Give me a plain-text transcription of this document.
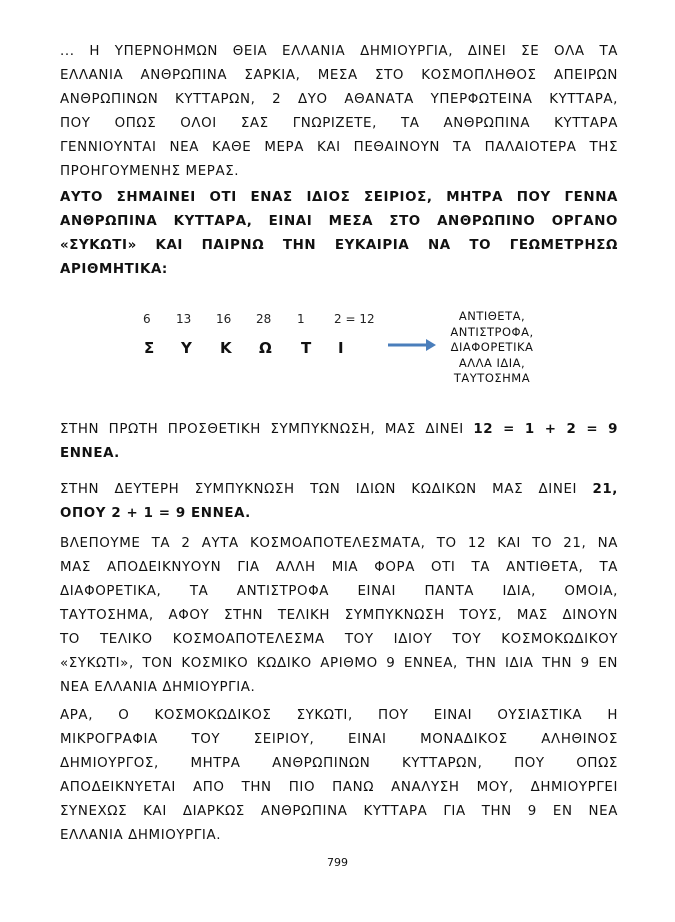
... Η ΥΠΕΡΝΟΗΜΩΝ ΘΕΙΑ ΕΛΛΑΝΙΑ ΔΗΜΙΟΥΡΓΙΑ, ΔΙΝΕΙ ΣΕ ΟΛΑ ΤΑ
ΕΛΛΑΝΙΑ ΑΝΘΡΩΠΙΝΑ ΣΑΡΚΙΑ, ΜΕΣΑ ΣΤΟ ΚΟΣΜΟΠΛΗΘΟΣ ΑΠΕΙΡΩΝ
ΑΝΘΡΩΠΙΝΩΝ ΚΥΤΤΑΡΩΝ, 2 ΔΥΟ ΑΘΑΝΑΤΑ ΥΠΕΡΦΩΤΕΙΝΑ ΚΥΤΤΑΡΑ,
ΠΟΥ ΟΠΩΣ ΟΛΟΙ ΣΑΣ ΓΝΩΡΙΖΕΤΕ, ΤΑ ΑΝΘΡΩΠΙΝΑ ΚΥΤΤΑΡΑ
ΓΕΝΝΙΟΥΝΤΑΙ ΝΕΑ ΚΑΘΕ ΜΕΡΑ ΚΑΙ ΠΕΘΑΙΝΟΥΝ ΤΑ ΠΑΛΑΙΟΤΕΡΑ ΤΗΣ
ΠΡΟΗΓΟΥΜΕΝΗΣ ΜΕΡΑΣ.
ΑΥΤΟ ΣΗΜΑΙΝΕΙ ΟΤΙ ΕΝΑΣ ΙΔΙΟΣ ΣΕΙΡΙΟΣ, ΜΗΤΡΑ ΠΟΥ ΓΕΝΝΑ
ΑΝΘΡΩΠΙΝΑ ΚΥΤΤΑΡΑ, ΕΙΝΑΙ ΜΕΣΑ ΣΤΟ ΑΝΘΡΩΠΙΝΟ ΟΡΓΑΝΟ
«ΣΥΚΩΤΙ» ΚΑΙ ΠΑΙΡΝΩ ΤΗΝ ΕΥΚΑΙΡΙΑ ΝΑ ΤΟ ΓΕΩΜΕΤΡΗΣΩ
ΑΡΙΘΜΗΤΙΚΑ:
ΣΤΗΝ ΠΡΩΤΗ ΠΡΟΣΘΕΤΙΚΗ ΣΥΜΠΥΚΝΩΣΗ, ΜΑΣ ΔΙΝΕΙ 12 = 1 + 2 = 9
ΕΝΝΕΑ.
ΣΤΗΝ ΔΕΥΤΕΡΗ ΣΥΜΠΥΚΝΩΣΗ ΤΩΝ ΙΔΙΩΝ ΚΩΔΙΚΩΝ ΜΑΣ ΔΙΝΕΙ 21,
ΟΠΟΥ 2 + 1 = 9 ΕΝΝΕΑ.
ΒΛΕΠΟΥΜΕ ΤΑ 2 ΑΥΤΑ ΚΟΣΜΟΑΠΟΤΕΛΕΣΜΑΤΑ, ΤΟ 12 ΚΑΙ ΤΟ 21, ΝΑ
ΜΑΣ ΑΠΟΔΕΙΚΝΥΟΥΝ ΓΙΑ ΑΛΛΗ ΜΙΑ ΦΟΡΑ ΟΤΙ ΤΑ ΑΝΤΙΘΕΤΑ, ΤΑ
ΔΙΑΦΟΡΕΤΙΚΑ, ΤΑ ΑΝΤΙΣΤΡΟΦΑ ΕΙΝΑΙ ΠΑΝΤΑ ΙΔΙΑ, ΟΜΟΙΑ,
ΤΑΥΤΟΣΗΜΑ, ΑΦΟΥ ΣΤΗΝ ΤΕΛΙΚΗ ΣΥΜΠΥΚΝΩΣΗ ΤΟΥΣ, ΜΑΣ ΔΙΝΟΥΝ
ΤΟ ΤΕΛΙΚΟ ΚΟΣΜΟΑΠΟΤΕΛΕΣΜΑ ΤΟΥ ΙΔΙΟΥ ΤΟΥ ΚΟΣΜΟΚΩΔΙΚΟΥ
«ΣΥΚΩΤΙ», ΤΟΝ ΚΟΣΜΙΚΟ ΚΩΔΙΚΟ ΑΡΙΘΜΟ 9 ΕΝΝΕΑ, ΤΗΝ ΙΔΙΑ ΤΗΝ 9 ΕΝ
ΝΕΑ ΕΛΛΑΝΙΑ ΔΗΜΙΟΥΡΓΙΑ.
ΑΡΑ, Ο ΚΟΣΜΟΚΩΔΙΚΟΣ ΣΥΚΩΤΙ, ΠΟΥ ΕΙΝΑΙ ΟΥΣΙΑΣΤΙΚΑ Η
ΜΙΚΡΟΓΡΑΦΙΑ ΤΟΥ ΣΕΙΡΙΟΥ, ΕΙΝΑΙ ΜΟΝΑΔΙΚΟΣ ΑΛΗΘΙΝΟΣ
ΔΗΜΙΟΥΡΓΟΣ, ΜΗΤΡΑ ΑΝΘΡΩΠΙΝΩΝ ΚΥΤΤΑΡΩΝ, ΠΟΥ ΟΠΩΣ
ΑΠΟΔΕΙΚΝΥΕΤΑΙ ΑΠΟ ΤΗΝ ΠΙΟ ΠΑΝΩ ΑΝΑΛΥΣΗ ΜΟΥ, ΔΗΜΙΟΥΡΓΕΙ
ΣΥΝΕΧΩΣ ΚΑΙ ΔΙΑΡΚΩΣ ΑΝΘΡΩΠΙΝΑ ΚΥΤΤΑΡΑ ΓΙΑ ΤΗΝ 9 ΕΝ ΝΕΑ
ΕΛΛΑΝΙΑ ΔΗΜΙΟΥΡΓΙΑ.
6 13 16 28 1 2 = 12
Σ Υ Κ Ω Τ Ι
ΑΝΤΙΘΕΤΑ,
ΑΝΤΙΣΤΡΟΦΑ,
ΔΙΑΦΟΡΕΤΙΚΑ
ΑΛΛΑ ΙΔΙΑ,
ΤΑΥΤΟΣΗΜΑ
799
